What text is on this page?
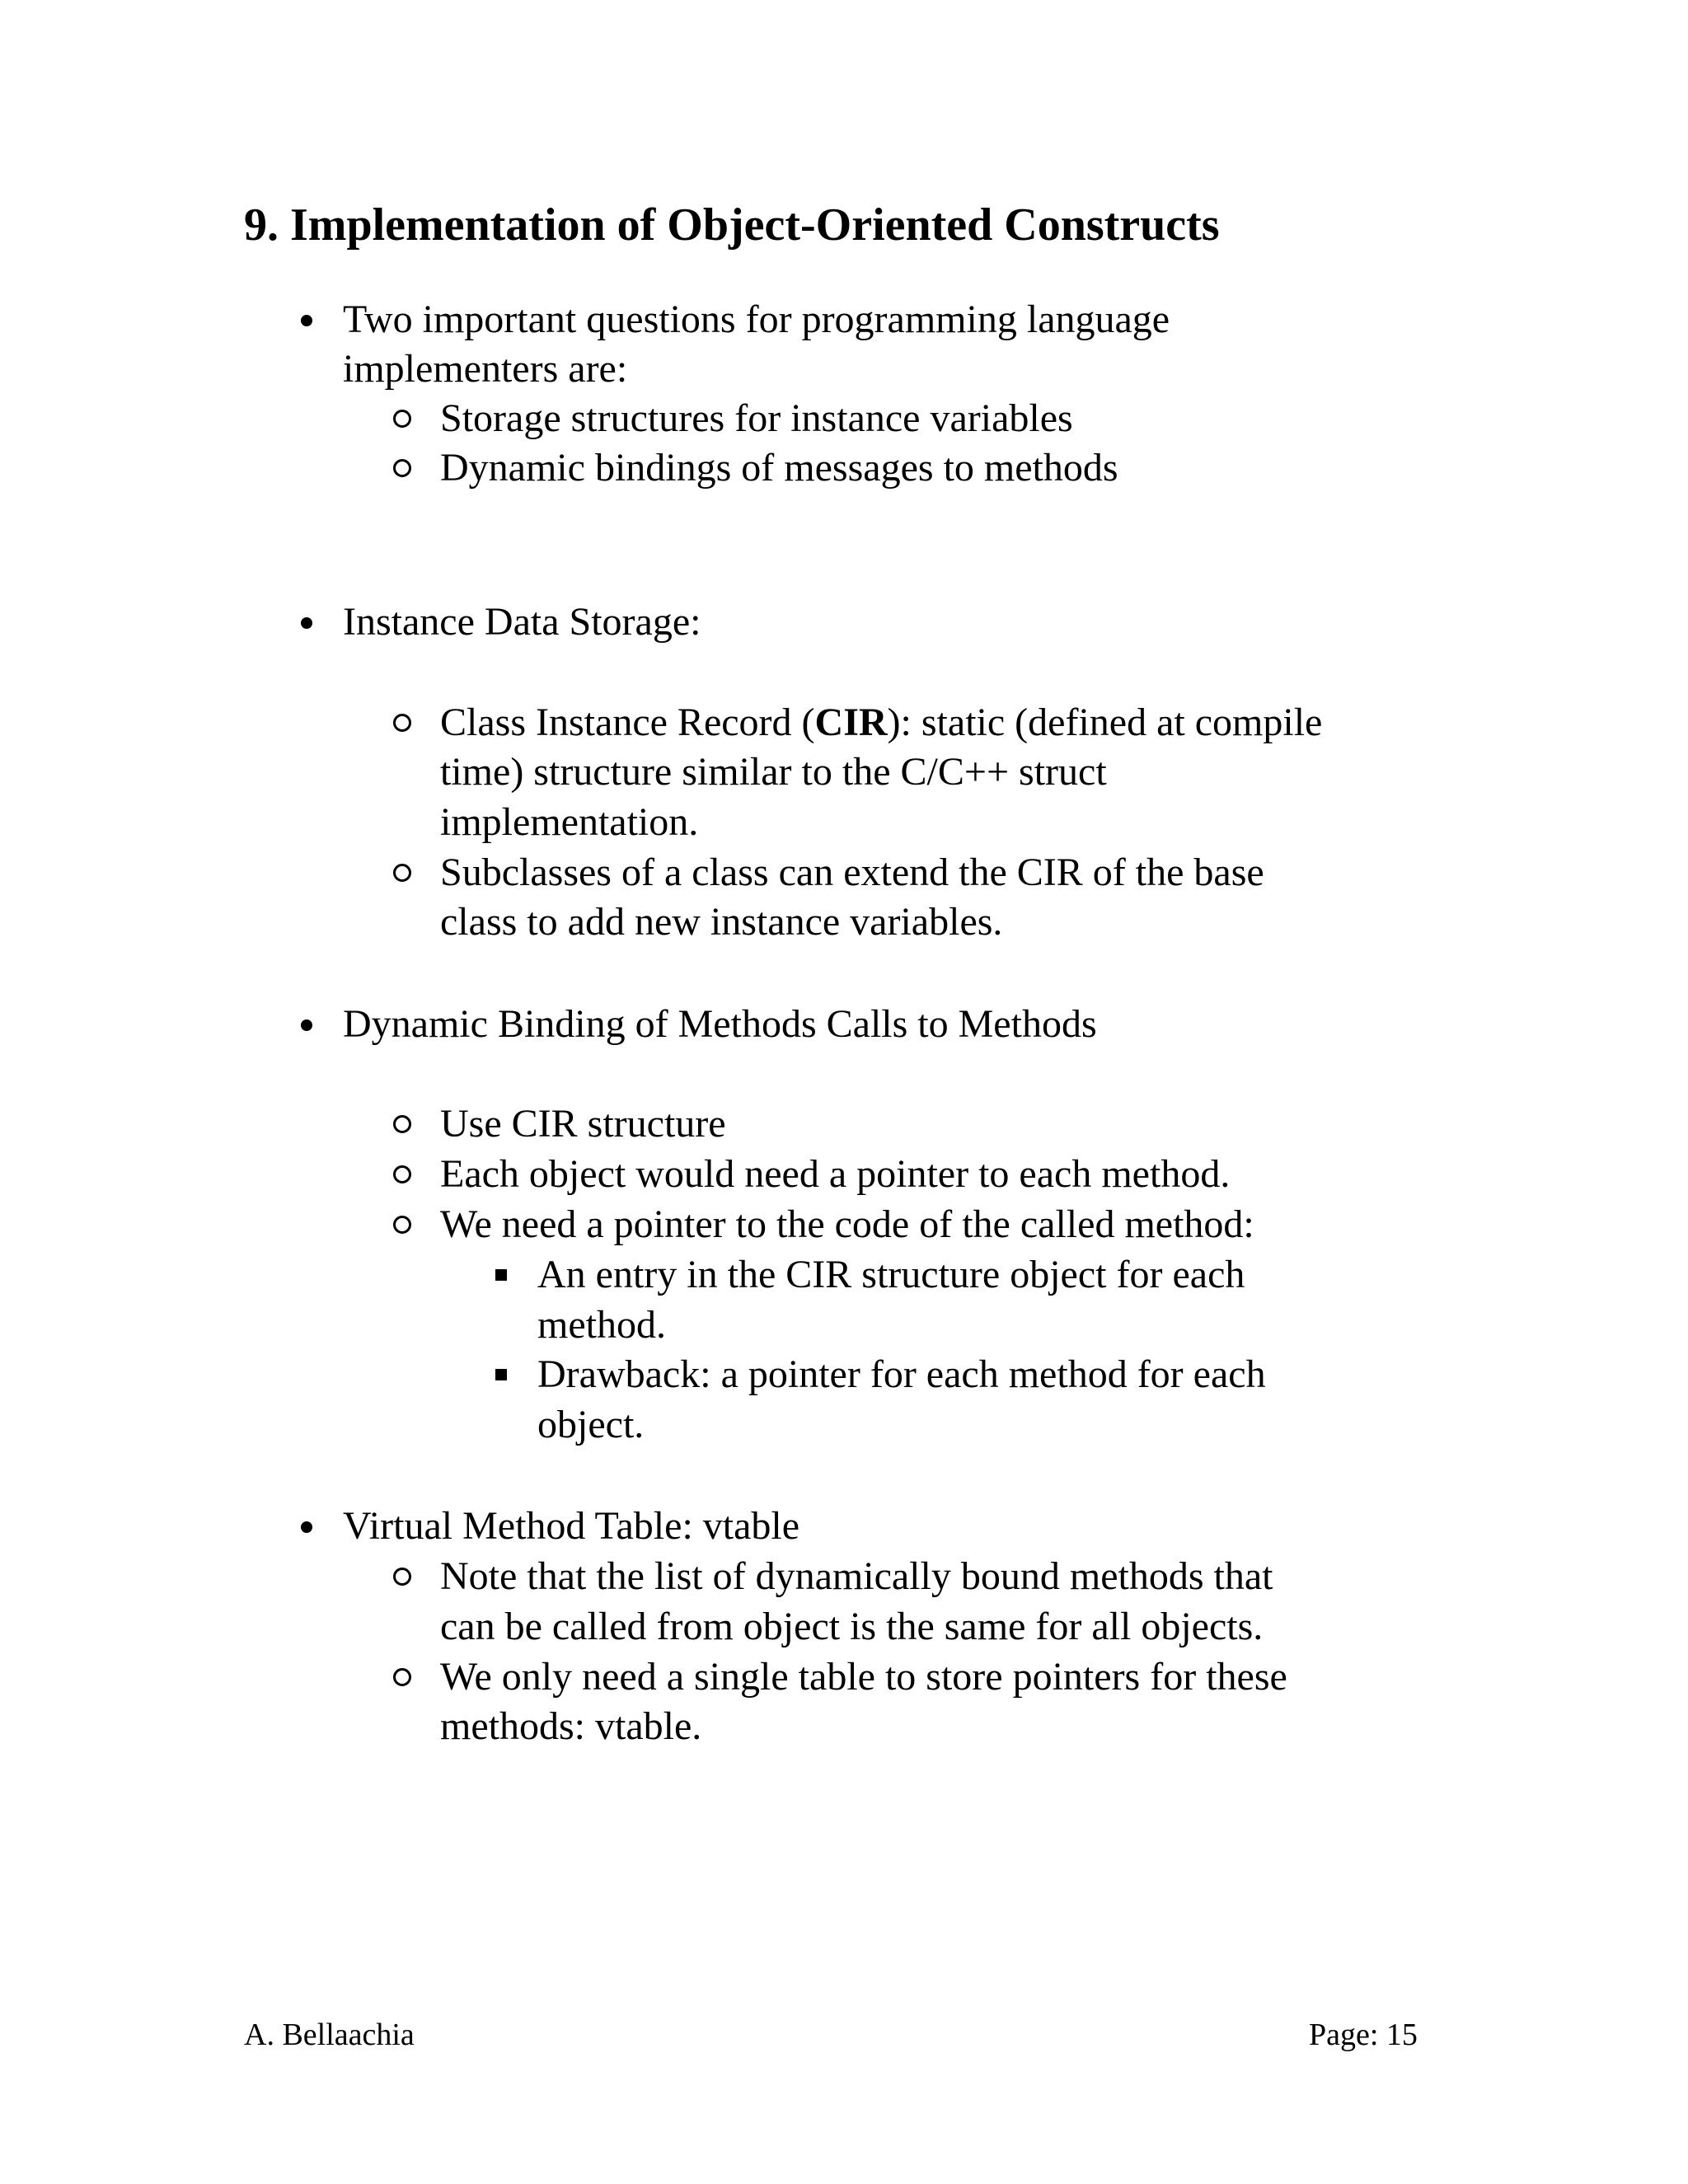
9. Implementation of Object-Oriented Constructs
Two important questions for programming language
implementers are:
Storage structures for instance variables
Dynamic bindings of messages to methods
Instance Data Storage:
Class Instance Record (CIR): static (defined at compile
time) structure similar to the C/C++ struct
implementation.
Subclasses of a class can extend the CIR of the base
class to add new instance variables.
Dynamic Binding of Methods Calls to Methods
Use CIR structure
Each object would need a pointer to each method.
We need a pointer to the code of the called method:
An entry in the CIR structure object for each
method.
Drawback: a pointer for each method for each
object.
Virtual Method Table: vtable
Note that the list of dynamically bound methods that
can be called from object is the same for all objects.
We only need a single table to store pointers for these
methods: vtable.
A. Bellaachia	Page: 15
